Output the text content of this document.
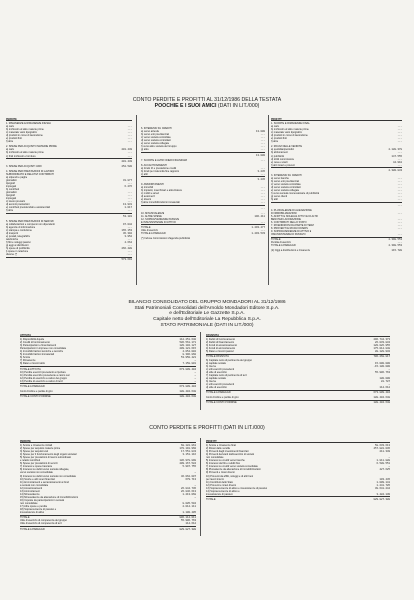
CONTO PERDITE E PROFITTI AL 31/12/1986 DELLA TESTATA
POOCHIE E I SUOI AMICI (DATI IN LIT./000)
PERDITE
1. RIMANENZE E RIMANENZE INIZIALI
a) carta	---
b) inchiostri ed altre materie prime	---
c) materiale vario tipografico	---
d) prodotti in corso di lavorazione	---
e) prodotti finiti	---
f) altre	---
2. SPESE PER ACQUISTO MATERIE PRIME
a) carta	201.449
b) inchiostri ed altre materie prime	---
c) finiti inchiostri e forniture	---
201.449
3. SPESE PER ACQUISTI VARI	252.580
4. SPESE PER PRESTAZIONI DI LAVORO
SUBORDINATO E RELATIVI CONTRIBUTI
a) stipendi e paghe
giornalisti	31.877
tipografi	---
impiegati	6.276
b) contributi
giornalisti	---
tipografi	---
impiegati	---
c) lavoro precario	---
d) acconti prestazioni	13.931
e) contributi previdenziali e assistenziali	1.017
f) altre	---
53.101
5. SPESE PER PRESTAZIONI DI SERVIZI
a) collaborazioni e compensi non dipendenti	97.042
b) agenzie di informazione	---
c) stampa e confezione	165.153
d) trasporti	36.392
e) postali, telegrafiche	3.952
telefoniche	---
f) fitti e noleggi passivi	4.664
g) aggi ai distributori	---
h) spese di pubblicità	266.488
i) spese in relazione	---
diverse (*)	---
573.691
6. INTERESSI SU CREDITI
a) verso aziende	13.000
b) verso enti previdenziali	---
c) verso società controllate	---
d) verso società controllanti	---
e) verso società collegate	---
f) verso altre società del Gruppo	---
g) altre	---
13.000
7. SCORTE E ALTRI ONERI FINANZIARI	---
8. ACCANTONAMENTI
a) fondo tfr e prestazione crediti	---
b) fondi per indennità fine rapporto	3.245
c) altri	---
3.245
9. AMMORTAMENTI
a) immobili	---
b) impianti, macchinari e attrezzature	---
c) mobili e arredi	---
d) automezzi	---
e) diversi	---
f) altre immobilizzazioni immateriali	---
---
10. MINUSVALENZE	---
11. ALTRE SPESE	196.411
12. SOPRAVVENIENZE PASSIVE
E INSUSSISTENZE DI ATTIVO	---
TOTALE	1.293.477
Utile d'esercizio	---
TOTALE A PAREGGIO	1.293.533
(*) Incluse Commissioni d'agenzia pubblicità
PROFITTI
1. SCORTE E RIMANENZE FINALI
a) carta	---
b) inchiostri ed altre materie prime	---
c) materiale vario tipografico	---
d) prodotti in corso di lavorazione	---
e) prodotti finiti	---
f) altre	---
2. RICAVI DELLE VENDITE
a) quotidianiperiodici	2.188.378
b) abbonamenti	---
c) pubblicità	147.555
d) diritti commissione	---
e) resa e scarti	44.910
f) altri ricavi e proventi	---
2.380.843
3. INTERESSI SU CREDITI
a) verso banche	---
b) verso enti previdenziali	---
c) verso società controllate	---
d) verso società controllanti	---
e) verso società collegate	---
f) verso società concessionarie di pubblicità	---
g) verso clienti	---
h) altri	---
---
4. PLUSVALENZE DI ALIENAZIONE
DI IMMOBILIZZAZIONI	---
5. AFFITTI E NOLEGGI ATTIVI E DI ALTRI
BENI PER LAVORAZIONE	---
6. CONTRIBUTI DELLO STATO	---
7. RIVENDIZIONI DA PARTE DI TERZI	---
8. PROVENTI E RICAVI DIVERSI	---
9. SOPRAVVENIENZE DI ATTIVO E
INSUSSISTENZE DI PASSIVO	---
TOTALE	2.398.553
Perdita d'esercizio	---
TOTALE A PAREGGIO	2.398.553
(2) Oggi a distribuzioni e rimanenze	115.788
BILANCIO CONSOLIDATO DEL GRUPPO MONDADORI AL 31/12/1986
Stati Patrimoniali Consolidati dell'Arnoldo Mondadori Editore S.p.A.
e dell'Editoriale Le Gazzette S.p.A.
Capitale netto dell'Editoriale La Repubblica S.p.A.
STATO PATRIMONIALE (DATI IN LIT./000)
ATTIVITÀ
1) Disponibilità liquide	112.251.640
2) Crediti di funzionamento	586.561.171
3) Partecipazioni e finanziamenti	120.102.127
Partecipazioni in imprese non consolidate	209.121.615
4) Immobilizzazioni tecniche e tecniche	4.054.002
5) Immobilizzazioni immateriali	8.396.860
6) Scorte	53.950.421
7) Rimanenze	—
8) Ratei e risconti attivi	7.158.801
TOTALE ATTIVITÀ	673.809.404
10) Perdite esercizi precedenti a riportare	—
11) Perdita esercizio precedente a carico soci	—
12) Perdita di esercizio a carico dei gruppo	—
13) Perdite di esercizio a carico di terzi	—
TOTALE A PAREGGIO	673.809.404
Conti d'ordine e partite di giro	188.404.648
TOTALE CONTI D'ORDINE	188.404.648
PASSIVITÀ
1) Debiti di funzionamento	296.744.373
2) Debiti di finanziamento	26.033.834
3) Fondi di accantonamento	120.026.955
4) Fondi di ammortamento	175.014.848
5) Ratei e risconti passivi	88.128.932
TOTALE PASSIVITÀ	706.268.817
6) Capitale netto di pertinenza del gruppo
a) capitale sociale	15.000.000
b) riserve	-15.180.000
c) utili esercizi precedenti	—
d) utile di esercizio	55.906.763
7) Capitale netto di pertinenza di terzi
a) capitale sociale	180.000
b) riserve	81.787
c) utili esercizi precedenti	—
d) utile di esercizio	114.612
TOTALE A PAREGGIO	673.809.404
Conti d'ordine e partite di giro	188.404.648
TOTALE CONTI D'ORDINE	188.404.648
CONTO PERDITE E PROFITTI (DATI IN LIT./000)
PERDITE
1) Scorte e rimanenze iniziali	68.181.861
2) Spese per acquisto materie prime	170.191.960
3) Spese per acquisti vari	17.551.843
4) Spese per il funzionamento degli organi societari	3.151.116
5) Spese per prestazioni di lavoro subordinato
e relativi contributi	186.978.898
6) Spese per prestazioni di servizi	209.167.584
7) Interessi e spese bancarie	5.997.755
8) Interessi su debiti verso società collegate,
verso società non consolidate	—
9) Interessi su debiti verso società non consolidate	46.062.007
10) Scorte e altri oneri finanziari	679.713
11) Ammortamenti e accantonamenti ai fondi
a società non consolidate	—
12) Accantonamenti	26.844.736
13) Ammortamenti	26.846.613
14) Minusvalenze	1.213.068
15) Minusvalenze da alienazione di immobilizzazioni	—
16) Imposte da partecipazioni in società
non consolidate	8.085.504
17) Altre spese e perdite	2.014.111
18) Sopravvenienze di passivo e
insussistenze di attivo	1.100.405
TOTALE	806.114.011
Utile d'esercizio di competenza del gruppo	55.906.763
Utile d'esercizio di competenza di terzi	114.612
TOTALE A PAREGGIO	829.827.388
PROFITTI
1) Scorte e rimanenze finali	58.633.613
2) Ricavi dalle vendite	457.881.036
3) Proventi dagli investimenti finanziari	211.349
4) Proventi derivanti dall'esercizio di società
non consolidate	—
5) Interessi su crediti verso banche	1.811.888
6) Interessi da fitti e redditi fissi	6.588.551
7) Interessi su crediti verso società consolidate	—
8) Plusvalenze da alienazione di immobilizzazioni	427.625
9) Proventi e ricavi diversi
10) Proventi da affitti, noleggi e di altri beni
per lavori interni	103.445
11) Contributi dello Stato	1.009.141
12) Proventi e ricavi diversi	1.241.785
13) Sopravvenienze di attivo e insussistenze di passivo	38.641.244
14) Sopravvenienze di attivo e
insussistenze di passivo	3.484.130
TOTALE	829.827.388
